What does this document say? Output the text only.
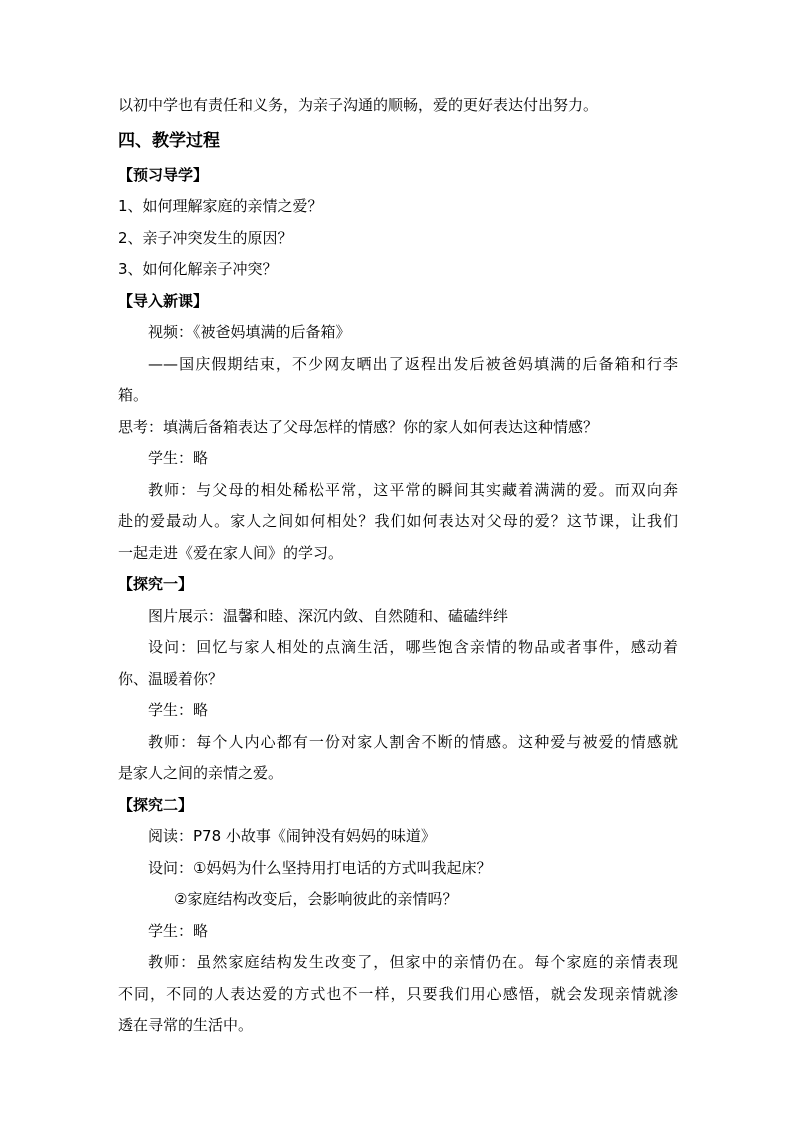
以初中学也有责任和义务，为亲子沟通的顺畅，爱的更好表达付出努力。

四、教学过程

【预习导学】

1、如何理解家庭的亲情之爱？

2、亲子冲突发生的原因？

3、如何化解亲子冲突？

【导入新课】

视频：《被爸妈填满的后备箱》

——国庆假期结束，不少网友晒出了返程出发后被爸妈填满的后备箱和行李

箱。

思考：填满后备箱表达了父母怎样的情感？你的家人如何表达这种情感？

学生：略

教师：与父母的相处稀松平常，这平常的瞬间其实藏着满满的爱。而双向奔

赴的爱最动人。家人之间如何相处？我们如何表达对父母的爱？这节课，让我们

一起走进《爱在家人间》的学习。

【探究一】

图片展示：温馨和睦、深沉内敛、自然随和、磕磕绊绊

设问：回忆与家人相处的点滴生活，哪些饱含亲情的物品或者事件，感动着

你、温暖着你？

学生：略

教师：每个人内心都有一份对家人割舍不断的情感。这种爱与被爱的情感就

是家人之间的亲情之爱。

【探究二】

阅读：P78 小故事《闹钟没有妈妈的味道》

设问：①妈妈为什么坚持用打电话的方式叫我起床？

②家庭结构改变后，会影响彼此的亲情吗？

学生：略

教师：虽然家庭结构发生改变了，但家中的亲情仍在。每个家庭的亲情表现

不同，不同的人表达爱的方式也不一样，只要我们用心感悟，就会发现亲情就渗

透在寻常的生活中。
